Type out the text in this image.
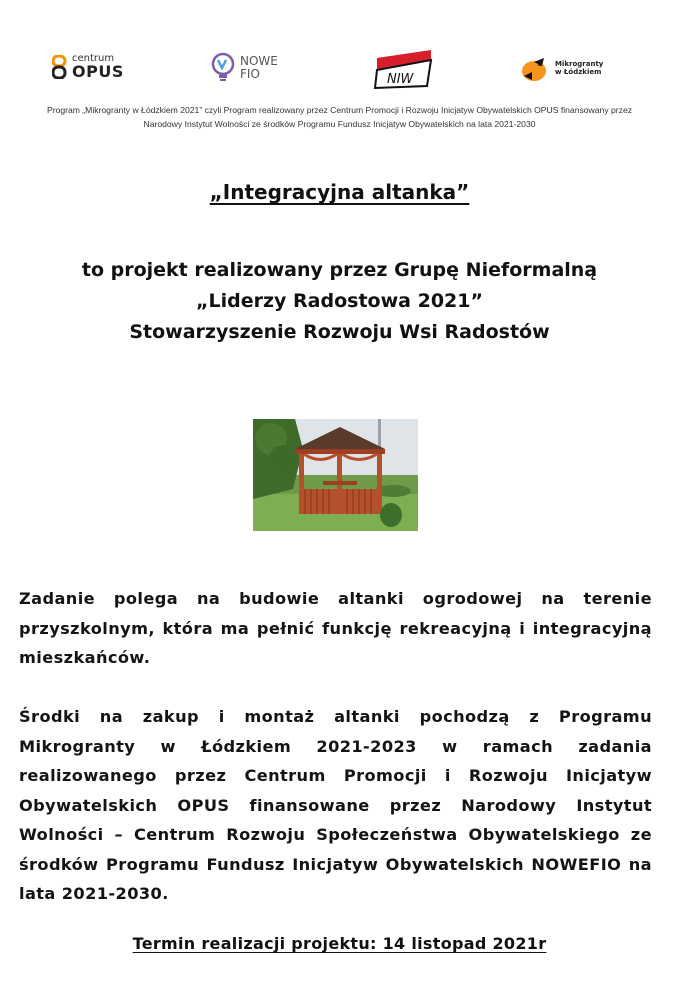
centrum
OPUS
NOWE
FIO	NIW
Mikrogranty
w Łódzkiem
Program „Mikrogranty w Łódzkiem 2021” czyli Program realizowany przez Centrum Promocji i Rozwoju Inicjatyw Obywatelskich OPUS finansowany przez
Narodowy Instytut Wolności ze środków Programu Fundusz Inicjatyw Obywatelskich na lata 2021-2030
„Integracyjna altanka”
to projekt realizowany przez Grupę Nieformalną
„Liderzy Radostowa 2021”
Stowarzyszenie Rozwoju Wsi Radostów
Zadanie polega na budowie altanki ogrodowej na terenie przyszkolnym, która ma pełnić funkcję rekreacyjną i integracyjną mieszkańców.
Środki na zakup i montaż altanki pochodzą z Programu Mikrogranty w Łódzkiem 2021-2023 w ramach zadania realizowanego przez Centrum Promocji i Rozwoju Inicjatyw Obywatelskich OPUS finansowane przez Narodowy Instytut Wolności – Centrum Rozwoju Społeczeństwa Obywatelskiego ze środków Programu Fundusz Inicjatyw Obywatelskich NOWEFIO na lata 2021-2030.
Termin realizacji projektu: 14 listopad 2021r
